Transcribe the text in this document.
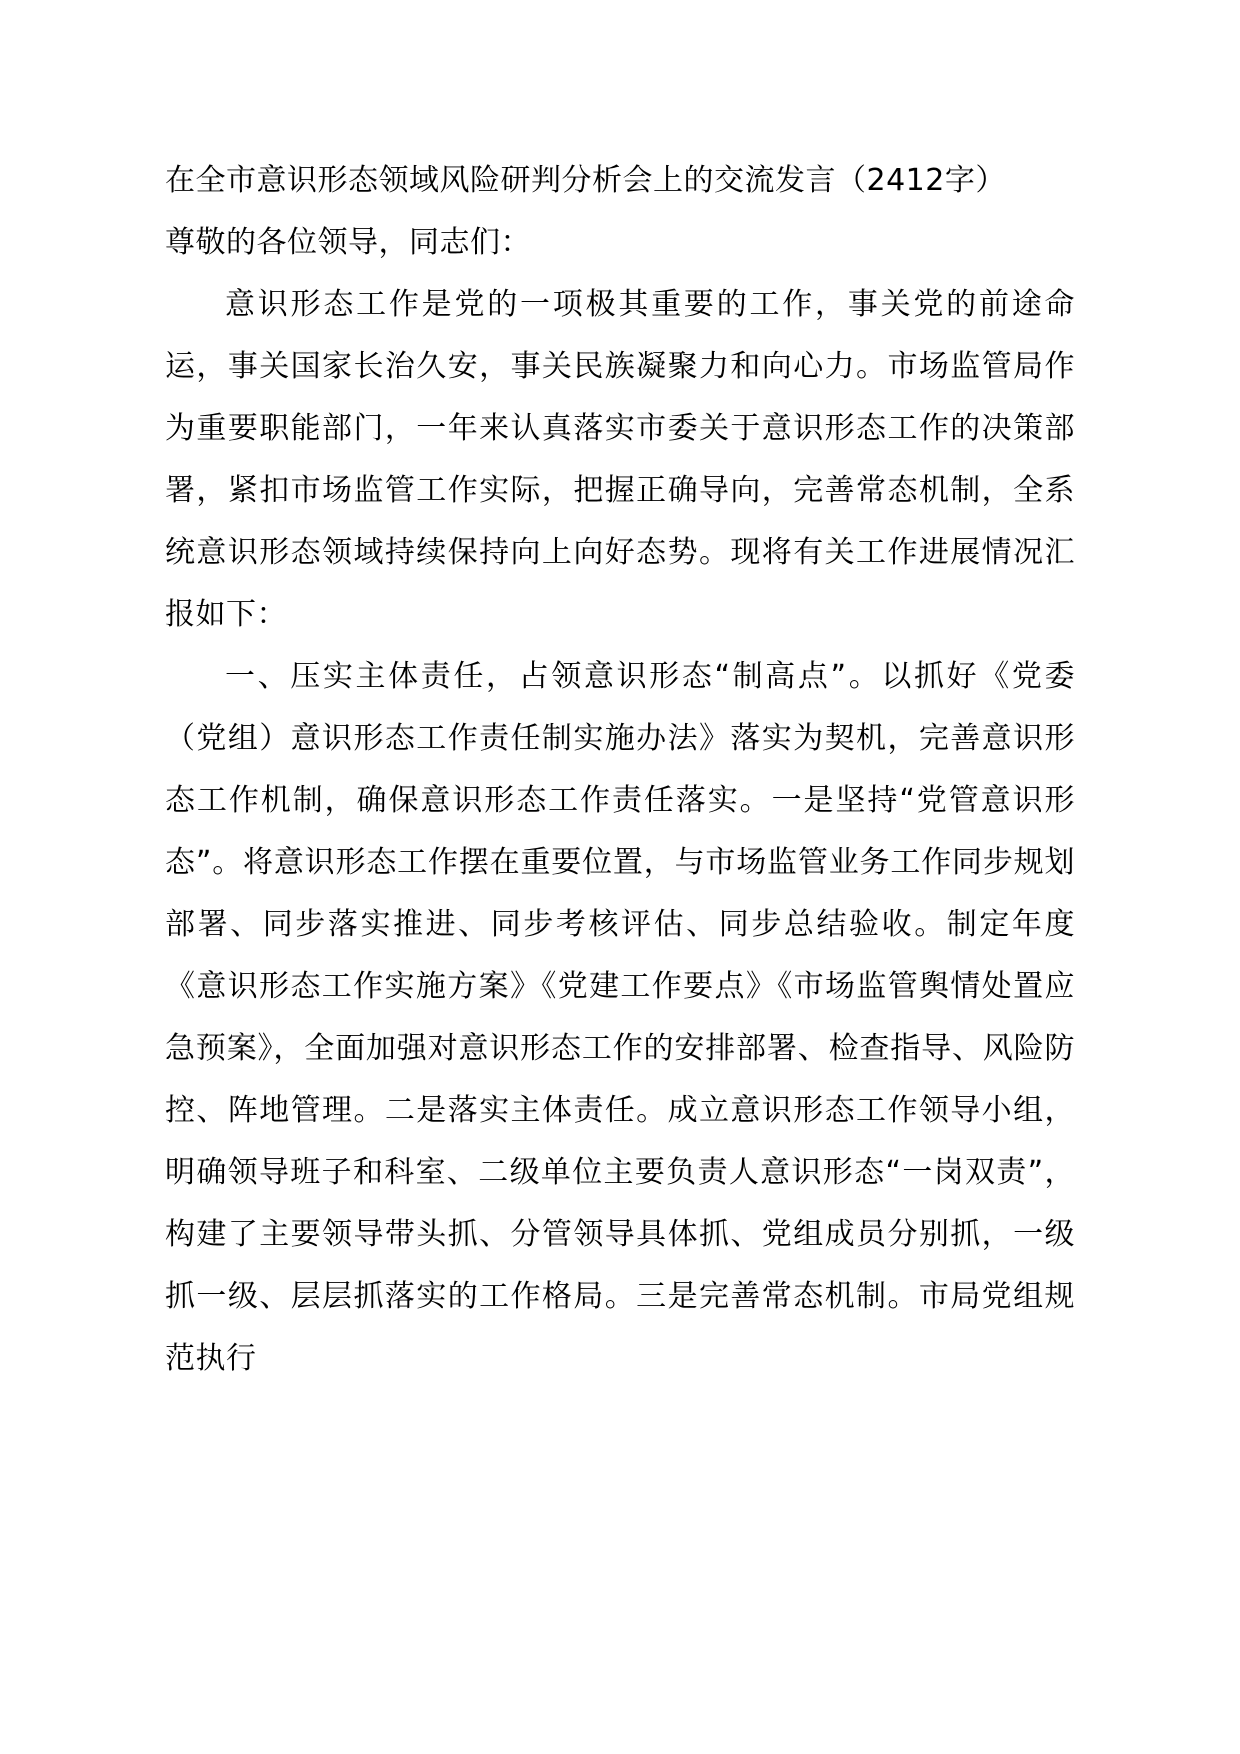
在全市意识形态领域风险研判分析会上的交流发言（2412字）

尊敬的各位领导，同志们：

意识形态工作是党的一项极其重要的工作，事关党的前途命运，事关国家长治久安，事关民族凝聚力和向心力。市场监管局作为重要职能部门，一年来认真落实市委关于意识形态工作的决策部署，紧扣市场监管工作实际，把握正确导向，完善常态机制，全系统意识形态领域持续保持向上向好态势。现将有关工作进展情况汇报如下：

一、压实主体责任，占领意识形态“制高点”。以抓好《党委（党组）意识形态工作责任制实施办法》落实为契机，完善意识形态工作机制，确保意识形态工作责任落实。一是坚持“党管意识形态”。将意识形态工作摆在重要位置，与市场监管业务工作同步规划部署、同步落实推进、同步考核评估、同步总结验收。制定年度《意识形态工作实施方案》《党建工作要点》《市场监管舆情处置应急预案》，全面加强对意识形态工作的安排部署、检查指导、风险防控、阵地管理。二是落实主体责任。成立意识形态工作领导小组，明确领导班子和科室、二级单位主要负责人意识形态“一岗双责”，构建了主要领导带头抓、分管领导具体抓、党组成员分别抓，一级抓一级、层层抓落实的工作格局。三是完善常态机制。市局党组规范执行
